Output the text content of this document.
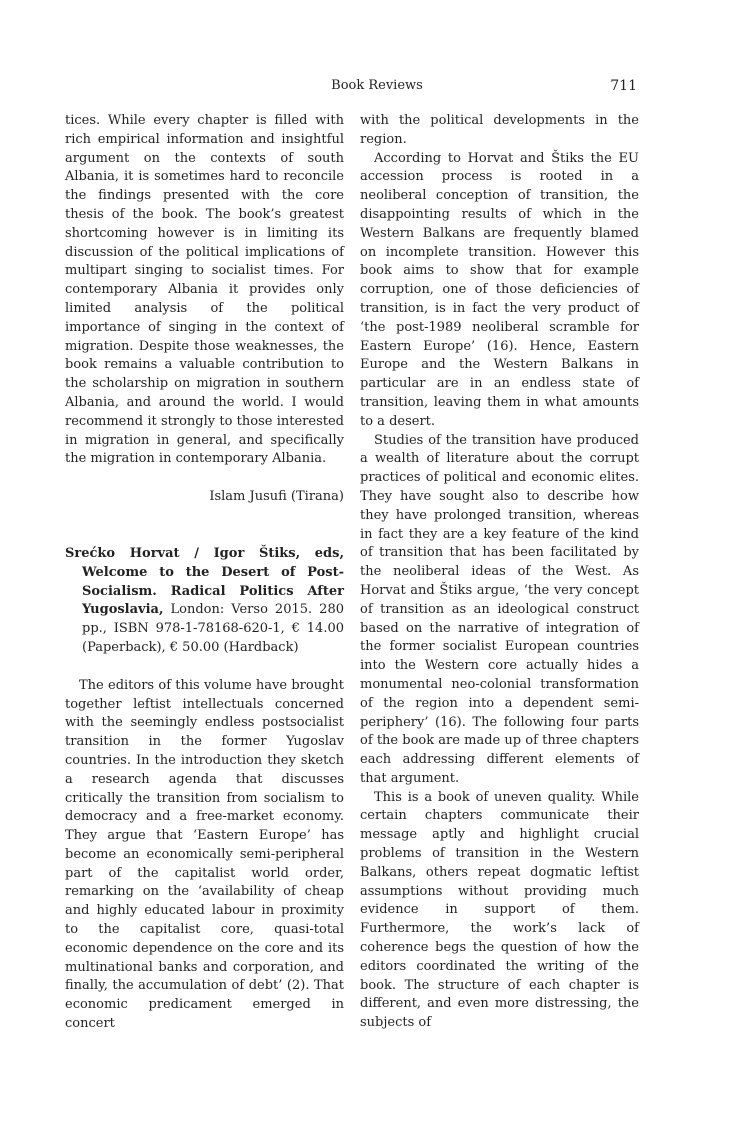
Book Reviews	711

tices. While every chapter is filled with rich empirical information and insightful argument on the contexts of south Albania, it is sometimes hard to reconcile the findings presented with the core thesis of the book. The book’s greatest shortcoming however is in limiting its discussion of the political implications of multipart singing to socialist times. For contemporary Albania it provides only limited analysis of the political importance of singing in the context of migration. Despite those weaknesses, the book remains a valuable contribution to the scholarship on migration in southern Albania, and around the world. I would recommend it strongly to those interested in migration in general, and specifically the migration in contemporary Albania.

Islam Jusufi (Tirana)

Srećko Horvat / Igor Štiks, eds, Welcome to the Desert of Post-Socialism. Radical Politics After Yugoslavia, London: Verso 2015. 280 pp., ISBN 978-1-78168-620-1, € 14.00 (Paperback), € 50.00 (Hardback)

The editors of this volume have brought together leftist intellectuals concerned with the seemingly endless postsocialist transition in the former Yugoslav countries. In the introduction they sketch a research agenda that discusses critically the transition from socialism to democracy and a free-market economy. They argue that ‘Eastern Europe’ has become an economically semi-peripheral part of the capitalist world order, remarking on the ‘availability of cheap and highly educated labour in proximity to the capitalist core, quasi-total economic dependence on the core and its multinational banks and corporation, and finally, the accumulation of debt’ (2). That economic predicament emerged in concert

with the political developments in the region.

According to Horvat and Štiks the EU accession process is rooted in a neoliberal conception of transition, the disappointing results of which in the Western Balkans are frequently blamed on incomplete transition. However this book aims to show that for example corruption, one of those deficiencies of transition, is in fact the very product of ‘the post-1989 neoliberal scramble for Eastern Europe’ (16). Hence, Eastern Europe and the Western Balkans in particular are in an endless state of transition, leaving them in what amounts to a desert.

Studies of the transition have produced a wealth of literature about the corrupt practices of political and economic elites. They have sought also to describe how they have prolonged transition, whereas in fact they are a key feature of the kind of transition that has been facilitated by the neoliberal ideas of the West. As Horvat and Štiks argue, ‘the very concept of transition as an ideological construct based on the narrative of integration of the former socialist European countries into the Western core actually hides a monumental neo-colonial transformation of the region into a dependent semi-periphery’ (16). The following four parts of the book are made up of three chapters each addressing different elements of that argument.

This is a book of uneven quality. While certain chapters communicate their message aptly and highlight crucial problems of transition in the Western Balkans, others repeat dogmatic leftist assumptions without providing much evidence in support of them. Furthermore, the work’s lack of coherence begs the question of how the editors coordinated the writing of the book. The structure of each chapter is different, and even more distressing, the subjects of
